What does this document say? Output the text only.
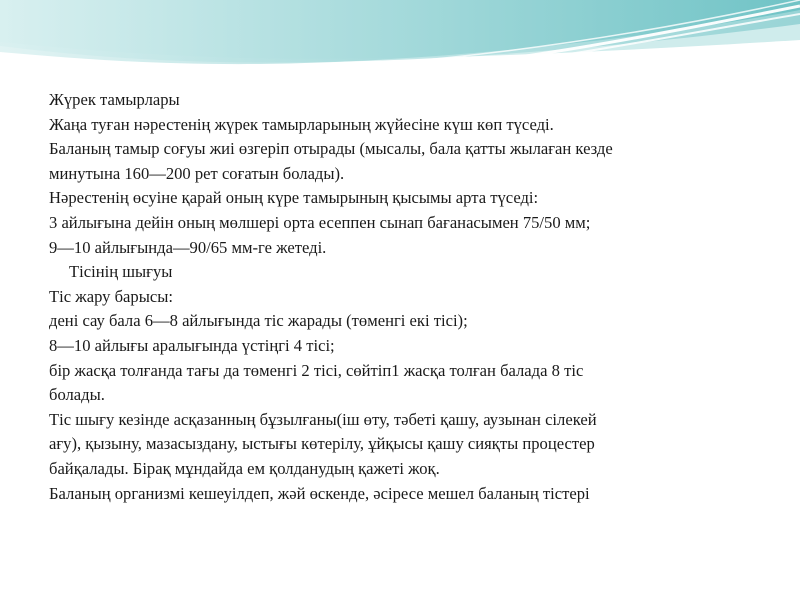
Жүрек тамырлары

Жаңа туған нәрестенің жүрек тамырларының жүйесіне күш көп түседі.

Баланың тамыр соғуы жиі өзгеріп отырады (мысалы, бала қатты жылаған кезде

минутына 160—200 рет соғатын болады).

Нәрестенің өсуіне қарай оның күре тамырының қысымы арта түседі:

3 айлығына дейін оның мөлшері орта есеппен сынап бағанасымен 75/50 мм;

9—10 айлығында—90/65 мм-ге жетеді.

Тісінің шығуы

Тіс жару барысы:

дені сау бала 6—8 айлығында тіс жарады (төменгі екі тісі);

8—10 айлығы аралығында үстіңгі 4 тісі;

бір жасқа толғанда тағы да төменгі 2 тісі, сөйтіп1 жасқа толған балада 8 тіс

болады.

Тіс шығу кезінде асқазанның бұзылғаны(іш өту, тәбеті қашу, аузынан сілекей

ағу), қызыну, мазасыздану, ыстығы көтерілу, ұйқысы қашу сияқты процестер

байқалады. Бірақ мұндайда ем қолданудың қажеті жоқ.

Баланың организмі кешеуілдеп, жәй өскенде, әсіресе мешел баланың тістері
